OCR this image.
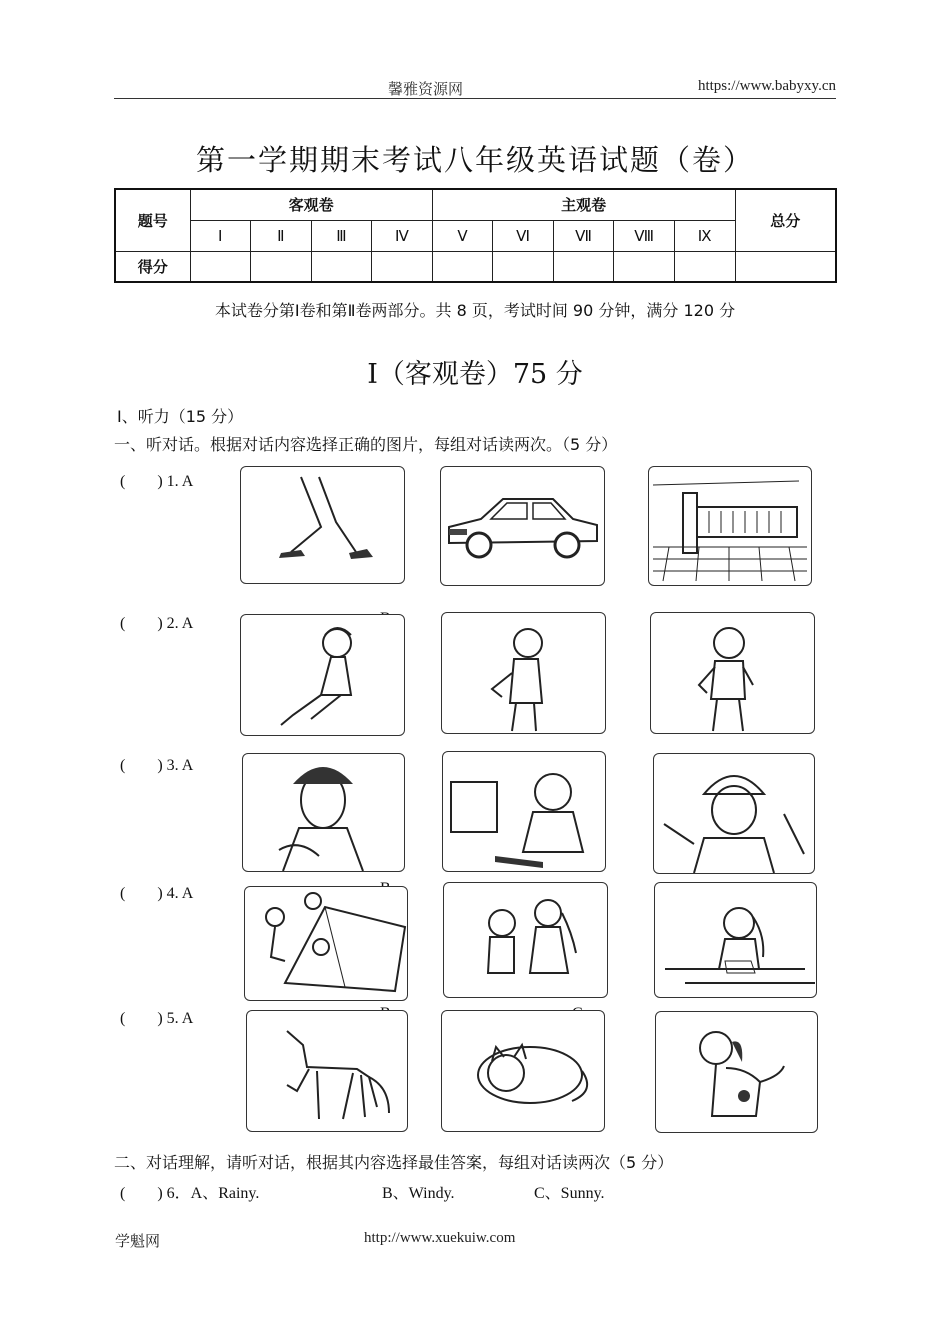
馨雅资源网	https://www.babyxy.cn
第一学期期末考试八年级英语试题（卷）
题号	客观卷				主观卷					总分
	Ⅰ	Ⅱ	Ⅲ	Ⅳ	Ⅴ	Ⅵ	Ⅶ	Ⅷ	Ⅸ	
得分										
本试卷分第Ⅰ卷和第Ⅱ卷两部分。共 8 页，考试时间 90 分钟，满分 120 分
Ⅰ（客观卷）75 分
Ⅰ、听力（15 分）
一、听对话。根据对话内容选择正确的图片，每组对话读两次。（5 分）
(　　) 1. A
(　　) 2. A
(　　) 3. A
(　　) 4. A
(　　) 5. A
二、对话理解，请听对话，根据其内容选择最佳答案，每组对话读两次（5 分）
(　　) 6．A、Rainy.	B、Windy.	C、Sunny.
学魁网	http://www.xuekuiw.com
